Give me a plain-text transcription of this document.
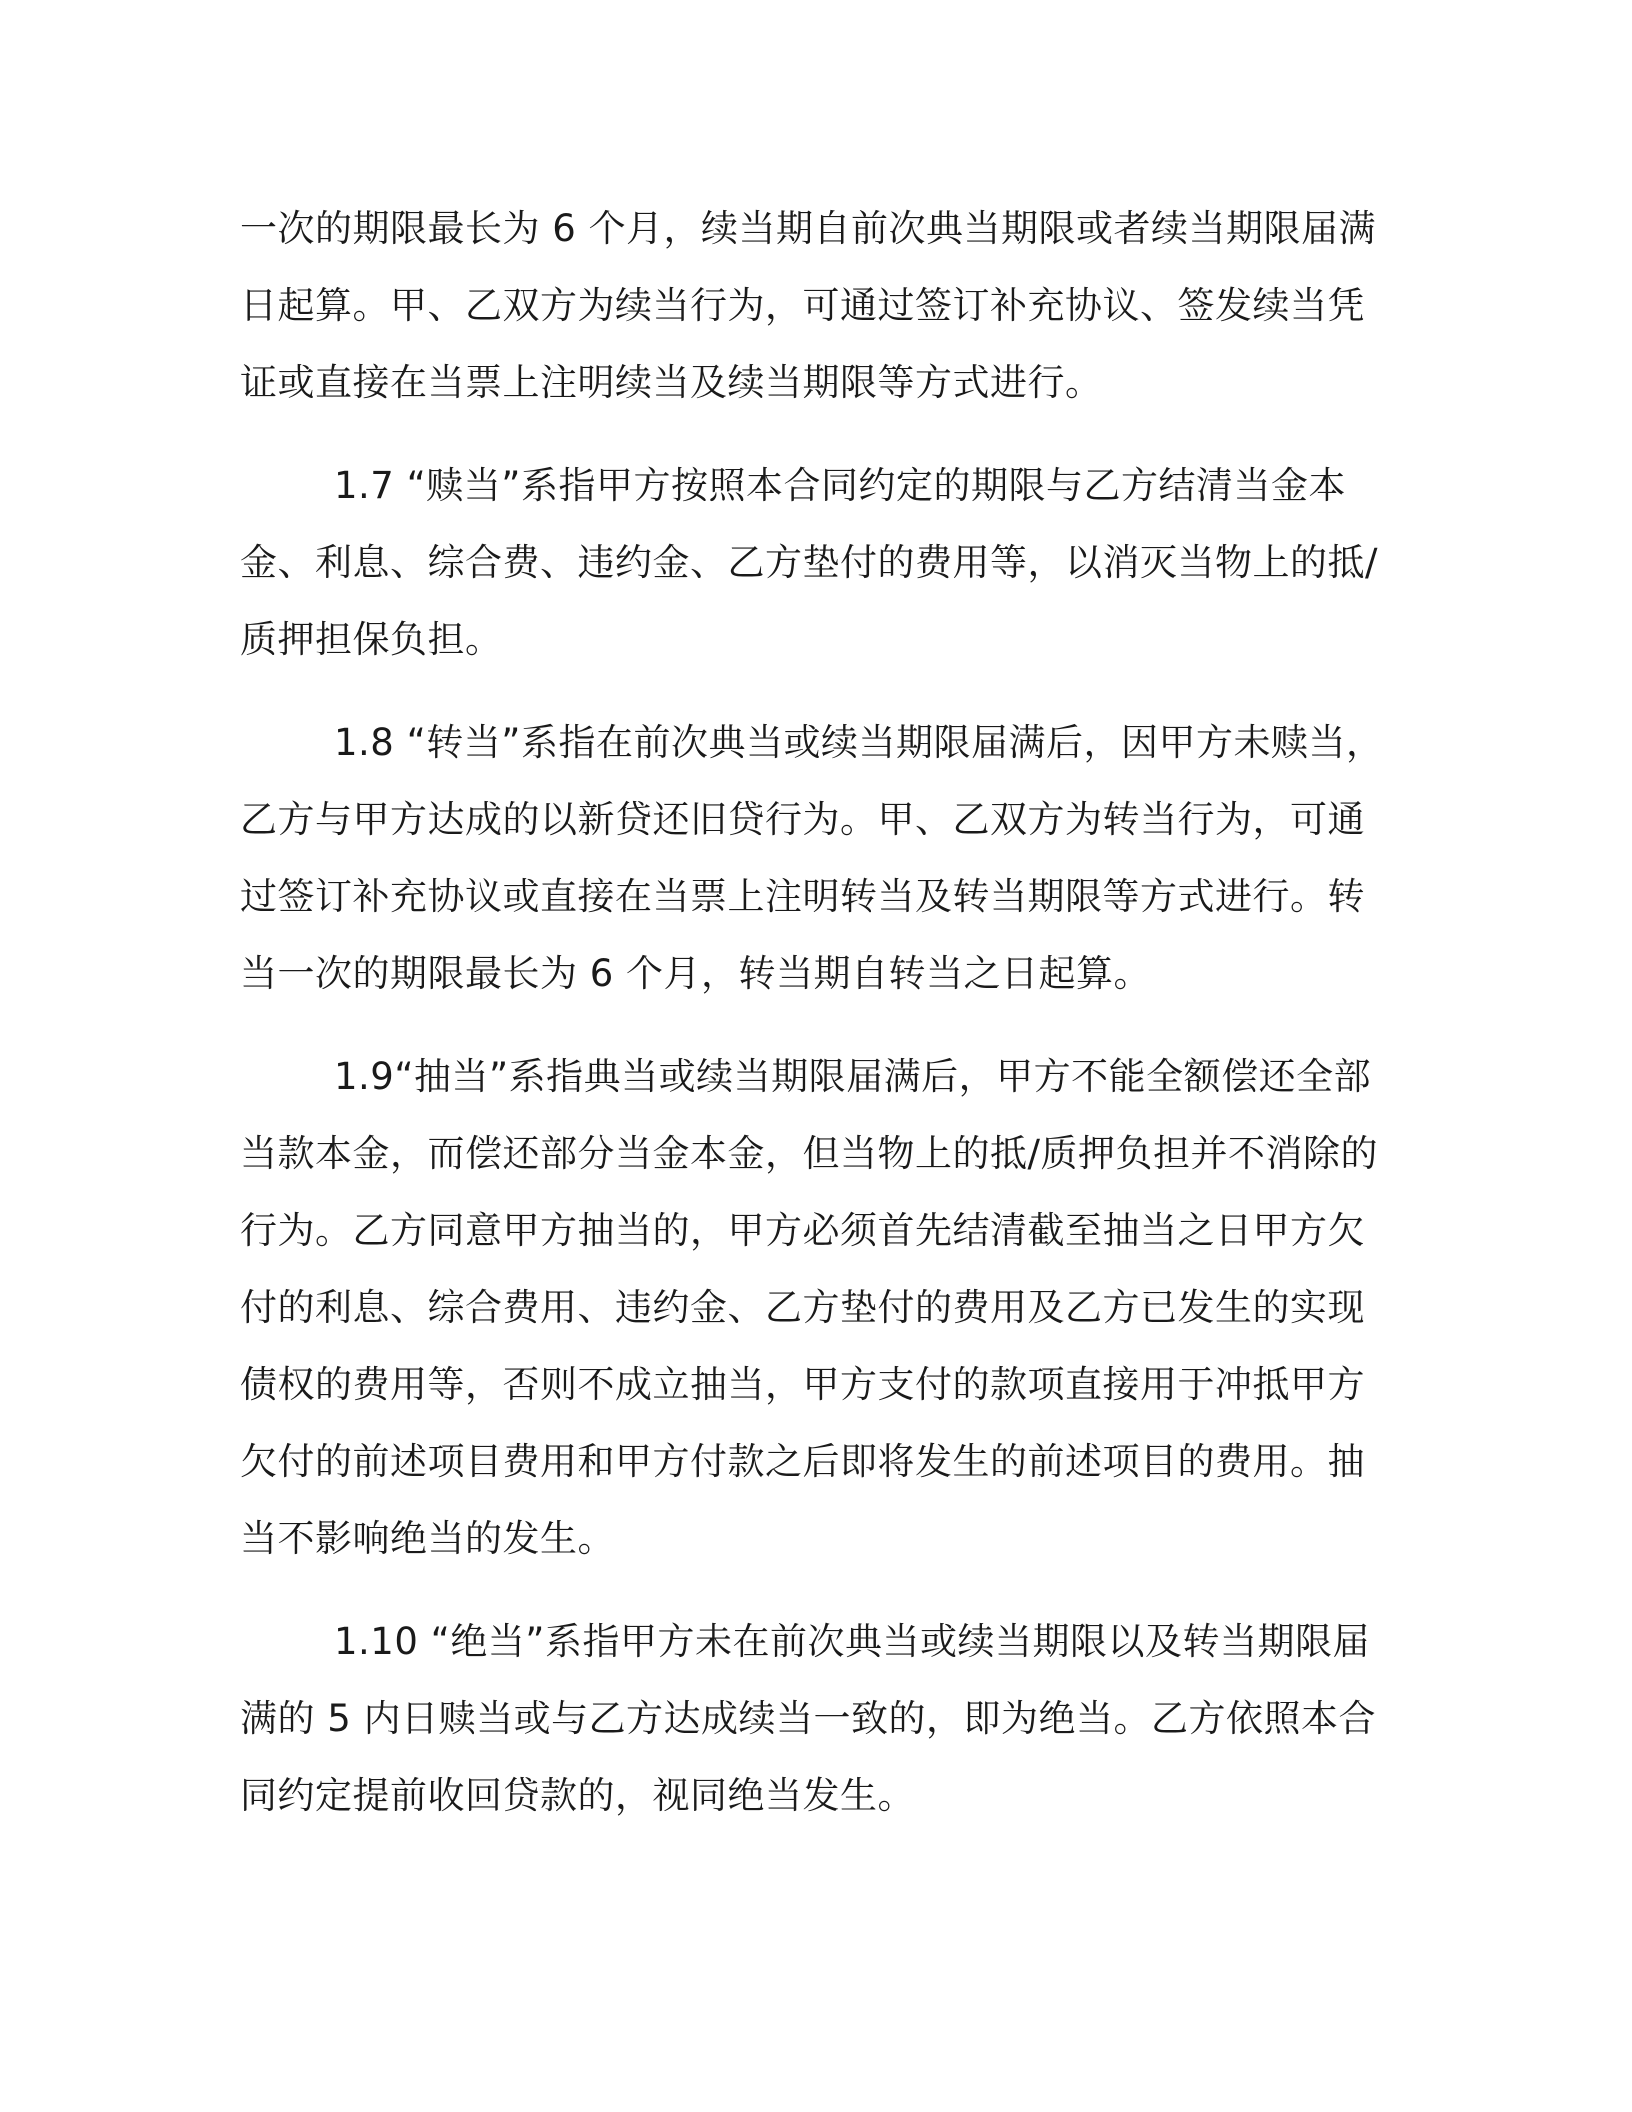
一次的期限最长为 6 个月，续当期自前次典当期限或者续当期限届满日起算。甲、乙双方为续当行为，可通过签订补充协议、签发续当凭证或直接在当票上注明续当及续当期限等方式进行。

1.7 “赎当”系指甲方按照本合同约定的期限与乙方结清当金本金、利息、综合费、违约金、乙方垫付的费用等，以消灭当物上的抵/质押担保负担。

1.8 “转当”系指在前次典当或续当期限届满后，因甲方未赎当，乙方与甲方达成的以新贷还旧贷行为。甲、乙双方为转当行为，可通过签订补充协议或直接在当票上注明转当及转当期限等方式进行。转当一次的期限最长为 6 个月，转当期自转当之日起算。

1.9“抽当”系指典当或续当期限届满后，甲方不能全额偿还全部当款本金，而偿还部分当金本金，但当物上的抵/质押负担并不消除的行为。乙方同意甲方抽当的，甲方必须首先结清截至抽当之日甲方欠付的利息、综合费用、违约金、乙方垫付的费用及乙方已发生的实现债权的费用等，否则不成立抽当，甲方支付的款项直接用于冲抵甲方欠付的前述项目费用和甲方付款之后即将发生的前述项目的费用。抽当不影响绝当的发生。

1.10 “绝当”系指甲方未在前次典当或续当期限以及转当期限届满的 5 内日赎当或与乙方达成续当一致的，即为绝当。乙方依照本合同约定提前收回贷款的，视同绝当发生。
